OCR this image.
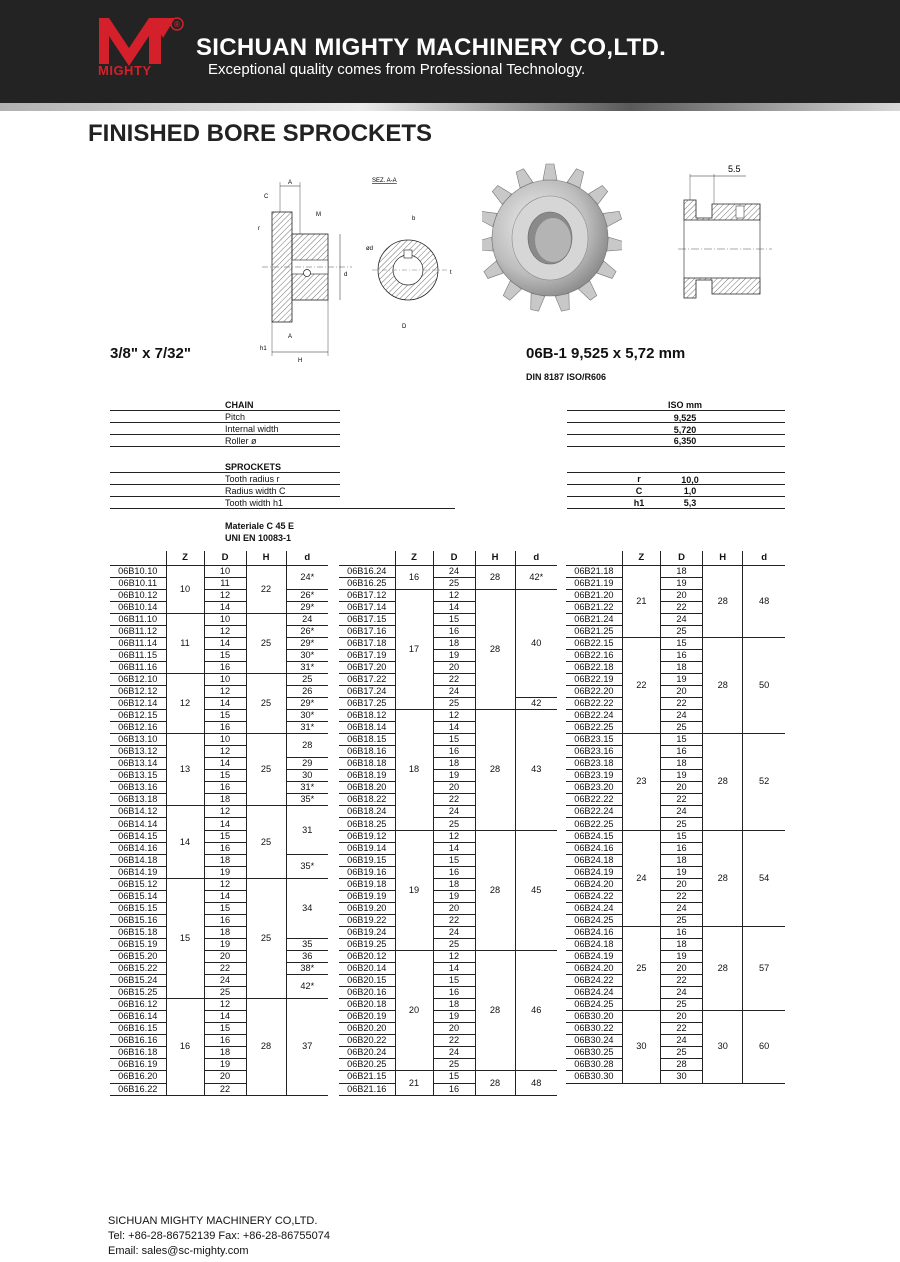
®
MIGHTY
SICHUAN MIGHTY MACHINERY CO,LTD.
Exceptional quality comes from Professional Technology.
FINISHED BORE SPROCKETS
A
C
M
r
d
h1
H
A
SEZ. A-A
b
t
D
ød
5.5
3/8" x 7/32"	06B-1 9,525 x 5,72 mm
DIN 8187 ISO/R606
CHAIN	ISO mm
Pitch	9,525
Internal width	5,720
Roller ø	6,350
SPROCKETS
Tooth radius r	r	10,0
Radius width C	C	1,0
Tooth width h1	h1	5,3
Materiale C 45 E
UNI EN 10083-1
	Z	D	H	d
06B10.10	10	10	22	24*
06B10.11		11		
06B10.12		12		26*
06B10.14		14		29*
06B11.10	11	10	25	24
06B11.12		12		26*
06B11.14		14		29*
06B11.15		15		30*
06B11.16		16		31*
06B12.10	12	10	25	25
06B12.12		12		26
06B12.14		14		29*
06B12.15		15		30*
06B12.16		16		31*
06B13.10	13	10	25	28
06B13.12		12		
06B13.14		14		29
06B13.15		15		30
06B13.16		16		31*
06B13.18		18		35*
06B14.12	14	12	25	31
06B14.14		14		
06B14.15		15		
06B14.16		16		
06B14.18		18		35*
06B14.19		19		
06B15.12	15	12	25	34
06B15.14		14		
06B15.15		15		
06B15.16		16		
06B15.18		18		
06B15.19		19		35
06B15.20		20		36
06B15.22		22		38*
06B15.24		24		42*
06B15.25		25		
06B16.12	16	12	28	37
06B16.14		14		
06B16.15		15		
06B16.16		16		
06B16.18		18		
06B16.19		19		
06B16.20		20		
06B16.22		22		
	Z	D	H	d
06B16.24	16	24	28	42*
06B16.25		25		
06B17.12	17	12	28	40
06B17.14		14		
06B17.15		15		
06B17.16		16		
06B17.18		18		
06B17.19		19		
06B17.20		20		
06B17.22		22		
06B17.24		24		
06B17.25		25		42
06B18.12	18	12	28	43
06B18.14		14		
06B18.15		15		
06B18.16		16		
06B18.18		18		
06B18.19		19		
06B18.20		20		
06B18.22		22		
06B18.24		24		
06B18.25		25		
06B19.12	19	12	28	45
06B19.14		14		
06B19.15		15		
06B19.16		16		
06B19.18		18		
06B19.19		19		
06B19.20		20		
06B19.22		22		
06B19.24		24		
06B19.25		25		
06B20.12	20	12	28	46
06B20.14		14		
06B20.15		15		
06B20.16		16		
06B20.18		18		
06B20.19		19		
06B20.20		20		
06B20.22		22		
06B20.24		24		
06B20.25		25		
06B21.15	21	15	28	48
06B21.16		16		
	Z	D	H	d
06B21.18	21	18	28	48
06B21.19		19		
06B21.20		20		
06B21.22		22		
06B21.24		24		
06B21.25		25		
06B22.15	22	15	28	50
06B22.16		16		
06B22.18		18		
06B22.19		19		
06B22.20		20		
06B22.22		22		
06B22.24		24		
06B22.25		25		
06B23.15	23	15	28	52
06B23.16		16		
06B23.18		18		
06B23.19		19		
06B23.20		20		
06B22.22		22		
06B22.24		24		
06B22.25		25		
06B24.15	24	15	28	54
06B24.16		16		
06B24.18		18		
06B24.19		19		
06B24.20		20		
06B24.22		22		
06B24.24		24		
06B24.25		25		
06B24.16	25	16	28	57
06B24.18		18		
06B24.19		19		
06B24.20		20		
06B24.22		22		
06B24.24		24		
06B24.25		25		
06B30.20	30	20	30	60
06B30.22		22		
06B30.24		24		
06B30.25		25		
06B30.28		28		
06B30.30		30		
SICHUAN MIGHTY MACHINERY CO,LTD.
Tel: +86-28-86752139 Fax: +86-28-86755074
Email: sales@sc-mighty.com
